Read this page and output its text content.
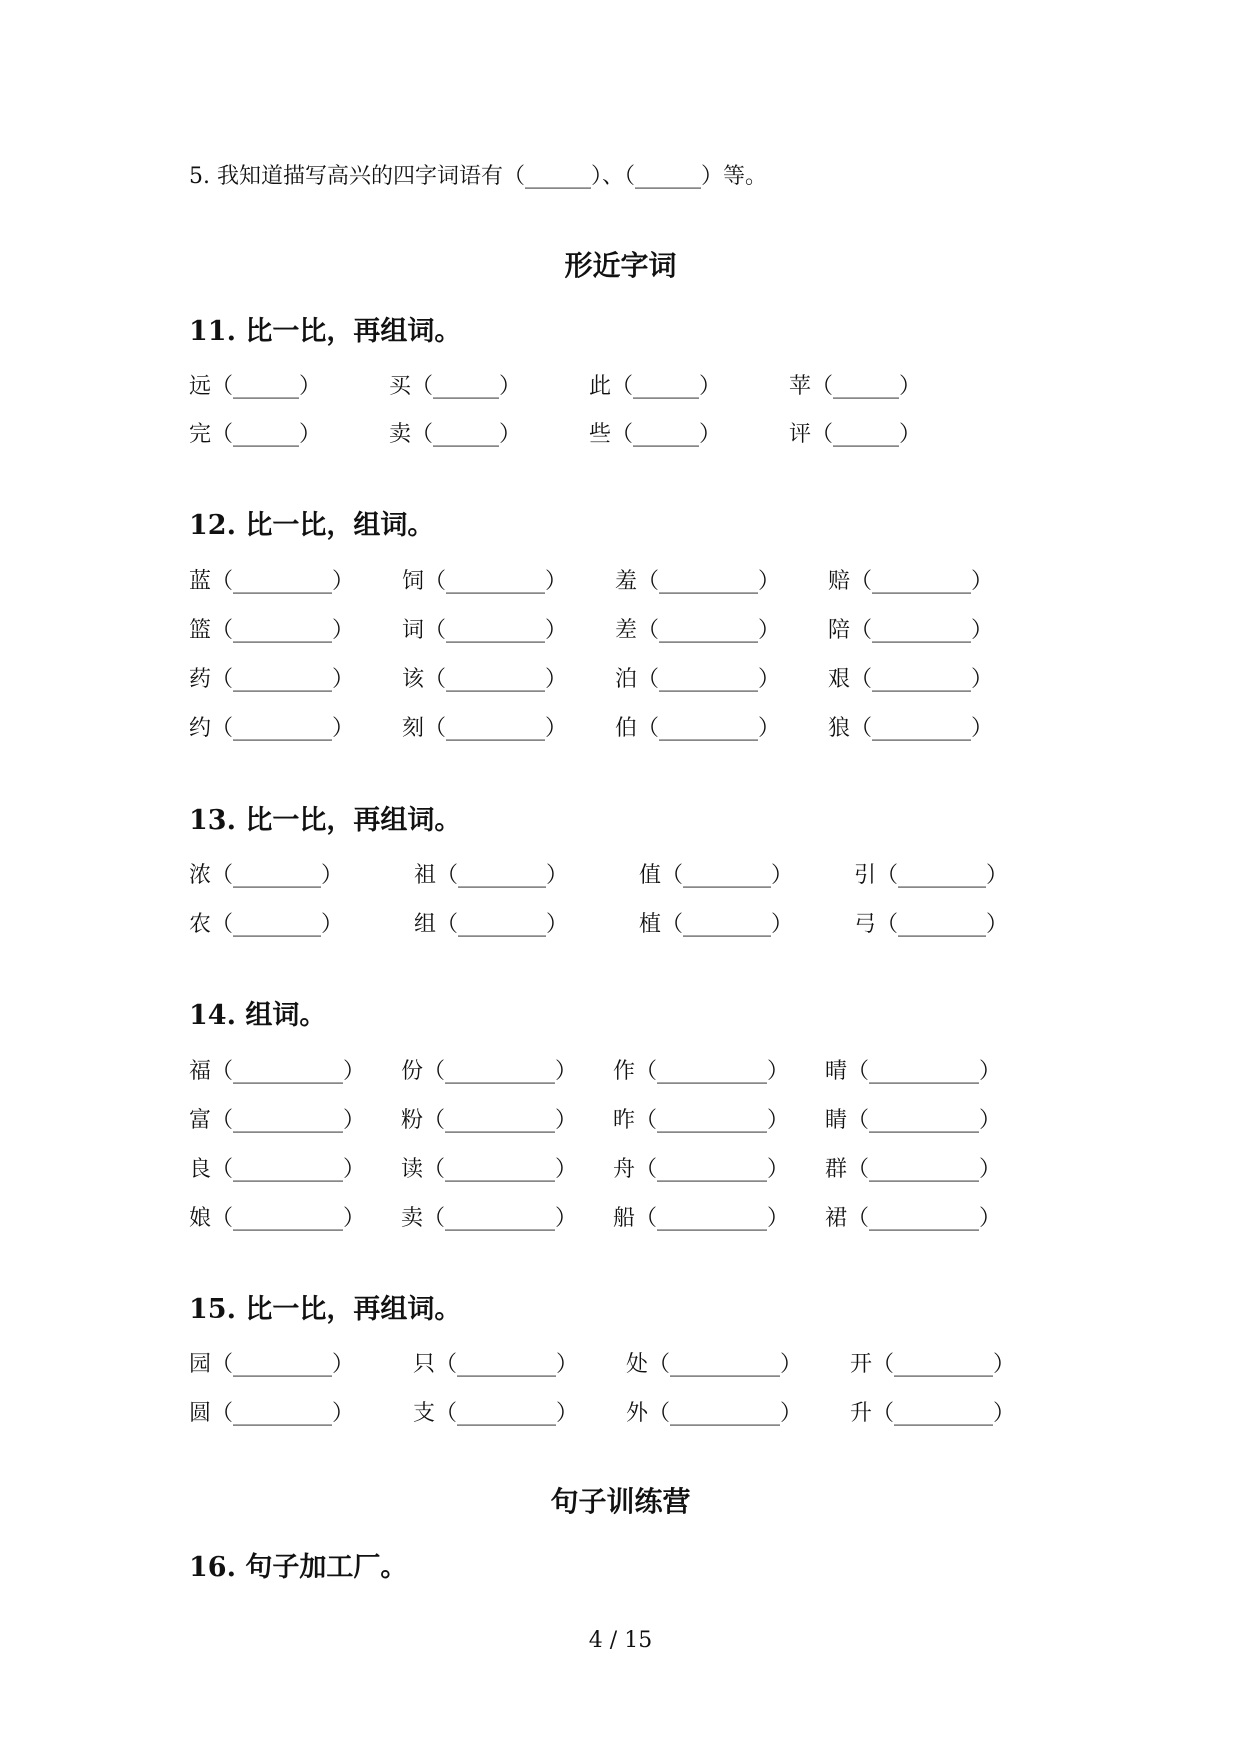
5. 我知道描写高兴的四字词语有（______）、（______）等。
形近字词
11. 比一比，再组词。
远（______）	买（______）	此（______）	苹（______）
完（______）	卖（______）	些（______）	评（______）
12. 比一比，组词。
蓝（_________） 饲（_________） 羞（_________） 赔（_________）
篮（_________） 词（_________） 差（_________） 陪（_________）
药（_________） 该（_________） 泊（_________） 艰（_________）
约（_________） 刻（_________） 伯（_________） 狼（_________）
13. 比一比，再组词。
浓（________）	祖（________）	值（________）	引（________）
农（________）	组（________）	植（________）	弓（________）
14. 组词。
福（__________） 份（__________） 作（__________） 晴（__________）
富（__________） 粉（__________） 昨（__________） 睛（__________）
良（__________） 读（__________） 舟（__________） 群（__________）
娘（__________） 卖（__________） 船（__________） 裙（__________）
15. 比一比，再组词。
园（_________）	只（_________） 处（__________） 开（_________）
圆（_________）	支（_________） 外（__________） 升（_________）
句子训练营
16. 句子加工厂。
4 / 15
